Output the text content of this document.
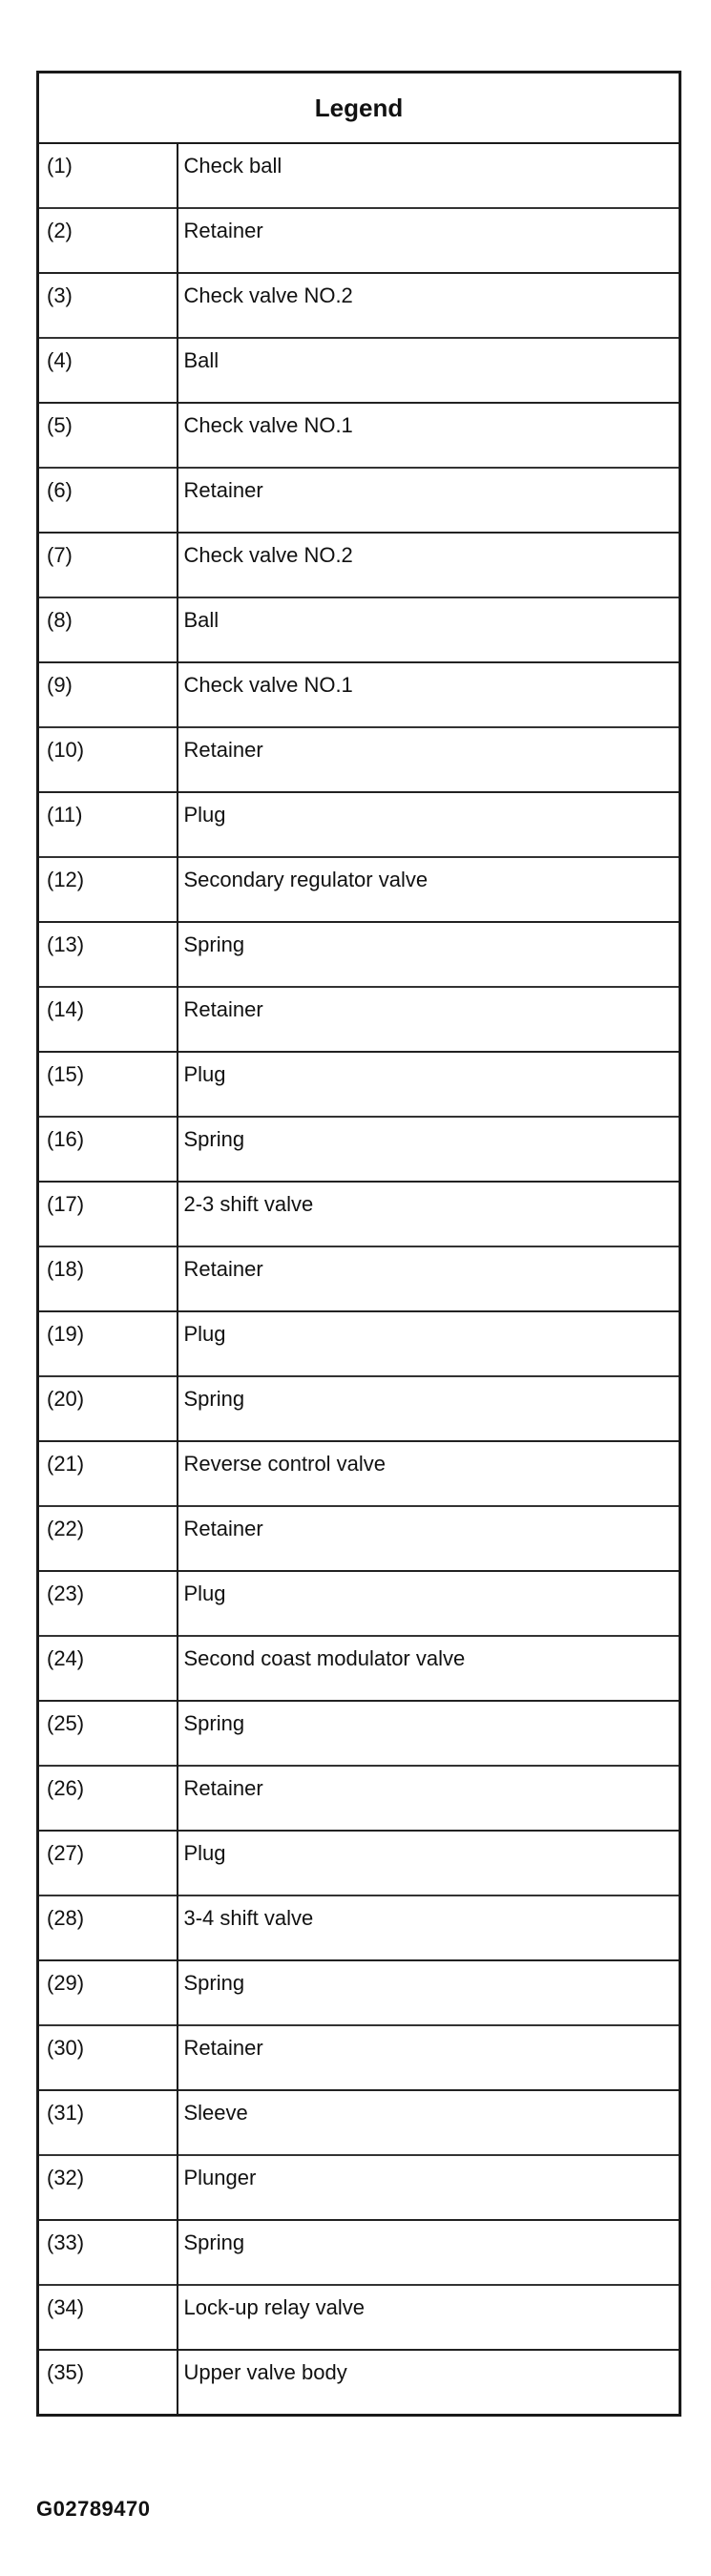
Legend	
(1)	Check ball
(2)	Retainer
(3)	Check valve NO.2
(4)	Ball
(5)	Check valve NO.1
(6)	Retainer
(7)	Check valve NO.2
(8)	Ball
(9)	Check valve NO.1
(10)	Retainer
(11)	Plug
(12)	Secondary regulator valve
(13)	Spring
(14)	Retainer
(15)	Plug
(16)	Spring
(17)	2-3 shift valve
(18)	Retainer
(19)	Plug
(20)	Spring
(21)	Reverse control valve
(22)	Retainer
(23)	Plug
(24)	Second coast modulator valve
(25)	Spring
(26)	Retainer
(27)	Plug
(28)	3-4 shift valve
(29)	Spring
(30)	Retainer
(31)	Sleeve
(32)	Plunger
(33)	Spring
(34)	Lock-up relay valve
(35)	Upper valve body
G02789470
